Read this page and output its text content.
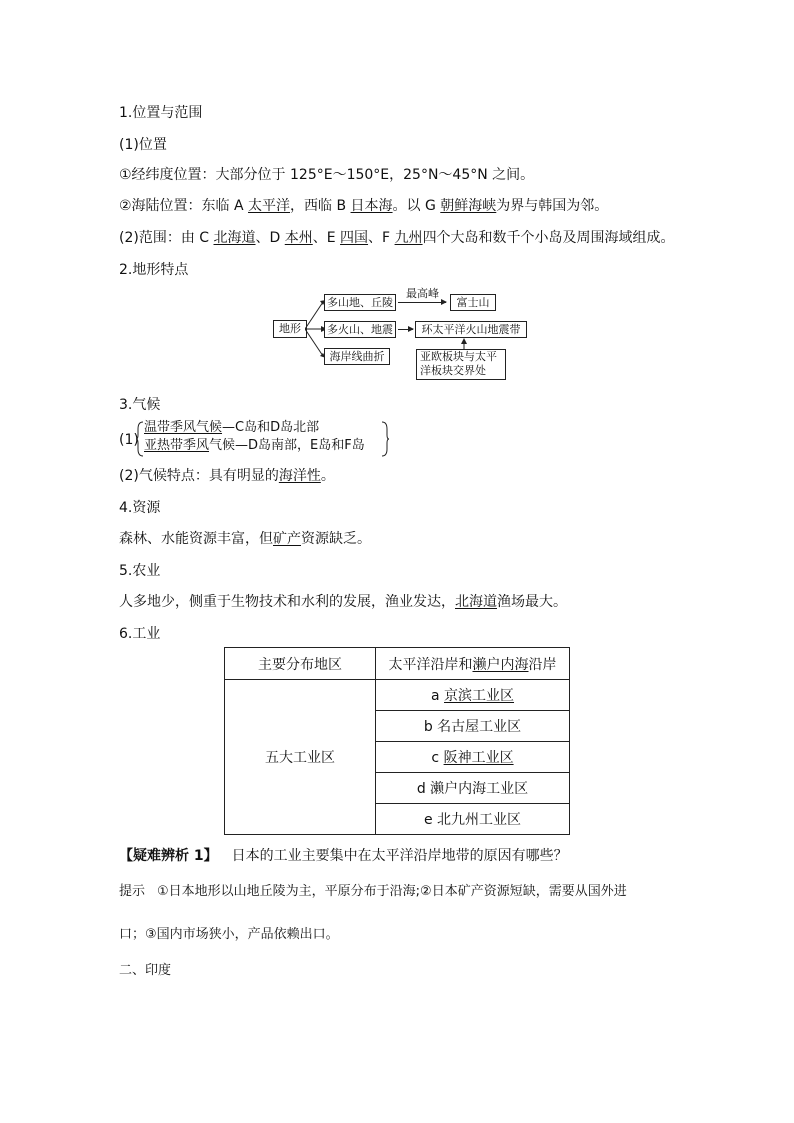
1.位置与范围
(1)位置
①经纬度位置：大部分位于 125°E～150°E，25°N～45°N 之间。
②海陆位置：东临 A 太平洋，西临 B 日本海。以 G 朝鲜海峡为界与韩国为邻。
(2)范围：由 C 北海道、D 本州、E 四国、F 九州四个大岛和数千个小岛及周围海域组成。
2.地形特点
地形
多山地、丘陵
多火山、地震
海岸线曲折
最高峰
富士山
环太平洋火山地震带
亚欧板块与太平
洋板块交界处
3.气候
(1)
温带季风气候—C岛和D岛北部
亚热带季风气候—D岛南部，E岛和F岛
(2)气候特点：具有明显的海洋性。
4.资源
森林、水能资源丰富，但矿产资源缺乏。
5.农业
人多地少，侧重于生物技术和水利的发展，渔业发达，北海道渔场最大。
6.工业
主要分布地区	太平洋沿岸和濑户内海沿岸
五大工业区	a 京滨工业区
	b 名古屋工业区
	c 阪神工业区
	d 濑户内海工业区
	e 北九州工业区
【疑难辨析 1】 日本的工业主要集中在太平洋沿岸地带的原因有哪些？
提示 ①日本地形以山地丘陵为主，平原分布于沿海;②日本矿产资源短缺，需要从国外进
口；③国内市场狭小，产品依赖出口。
二、印度
